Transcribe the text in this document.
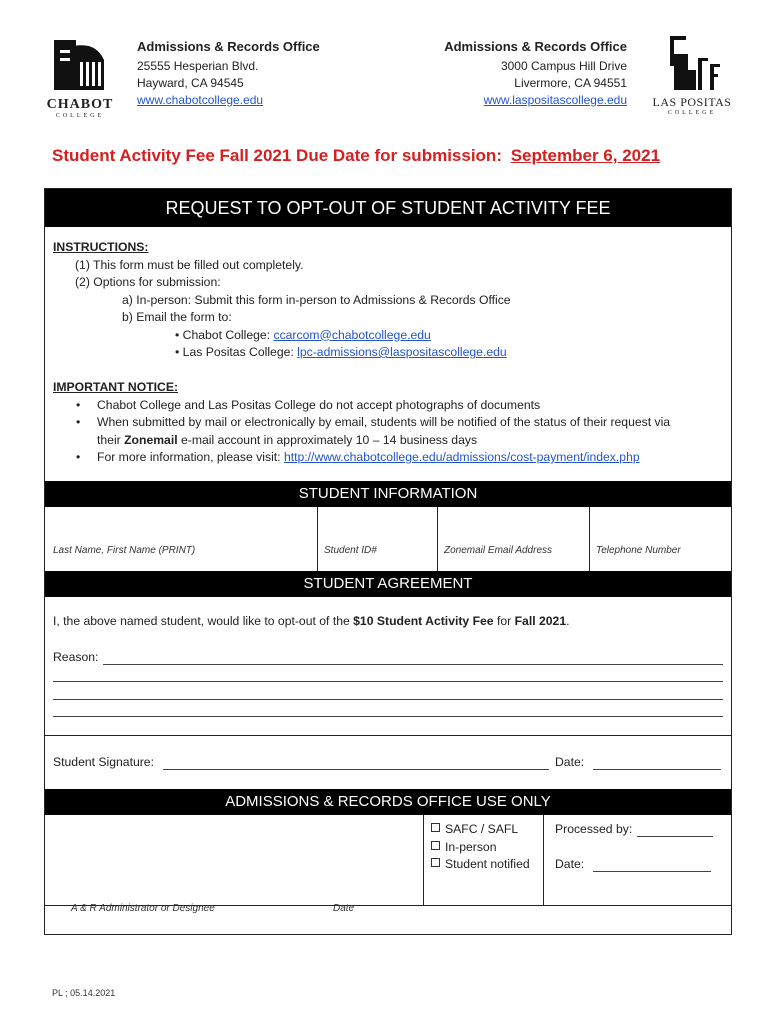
CHABOT
COLLEGE
Admissions & Records Office
25555 Hesperian Blvd.
Hayward, CA 94545
www.chabotcollege.edu
Admissions & Records Office
3000 Campus Hill Drive
Livermore, CA 94551
www.laspositascollege.edu	LAS POSITAS
COLLEGE
Student Activity Fee Fall 2021 Due Date for submission: September 6, 2021
REQUEST TO OPT-OUT OF STUDENT ACTIVITY FEE
INSTRUCTIONS:
(1) This form must be filled out completely.
(2) Options for submission:
a) In-person: Submit this form in-person to Admissions & Records Office
b) Email the form to:
• Chabot College: ccarcom@chabotcollege.edu
• Las Positas College: lpc-admissions@laspositascollege.edu
IMPORTANT NOTICE:
• Chabot College and Las Positas College do not accept photographs of documents
• When submitted by mail or electronically by email, students will be notified of the status of their request via
their Zonemail e-mail account in approximately 10 – 14 business days
• For more information, please visit: http://www.chabotcollege.edu/admissions/cost-payment/index.php
STUDENT INFORMATION
Last Name, First Name (PRINT)	Student ID#	Zonemail Email Address	Telephone Number
STUDENT AGREEMENT
I, the above named student, would like to opt-out of the $10 Student Activity Fee for Fall 2021.
Reason:
Student Signature:	Date:
ADMISSIONS & RECORDS OFFICE USE ONLY
SAFC / SAFL
In-person
Student notified
Processed by:
Date:
A & R Administrator or Designee	Date
PL ; 05.14.2021
